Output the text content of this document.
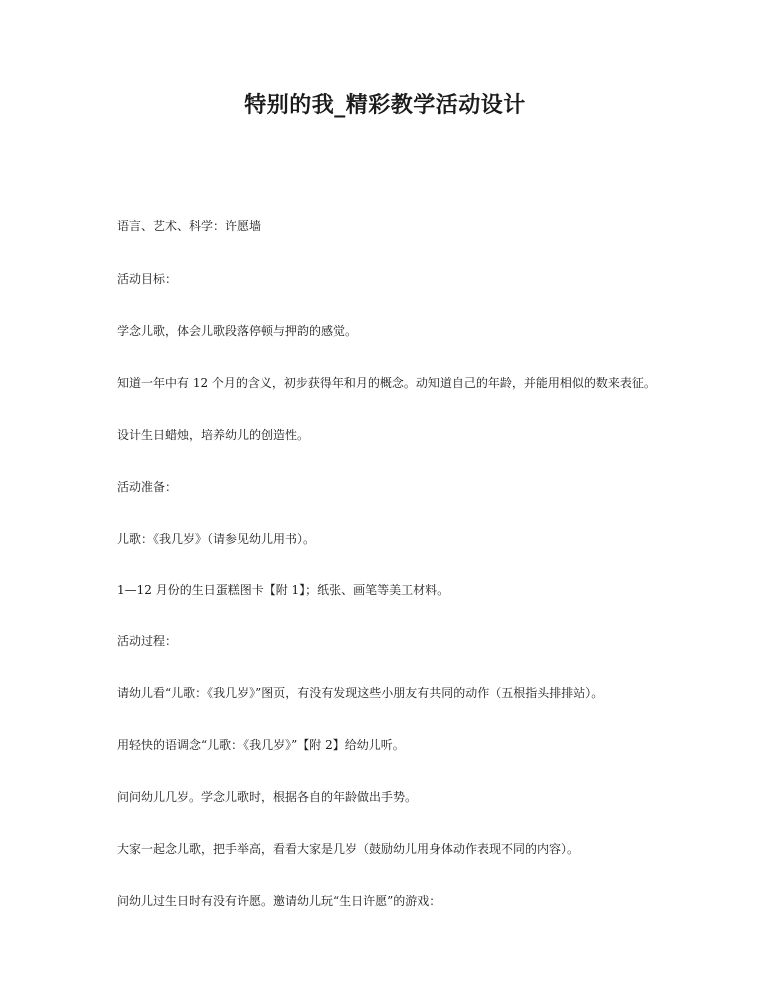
特别的我_精彩教学活动设计

语言、艺术、科学：许愿墙

活动目标：

学念儿歌，体会儿歌段落停顿与押韵的感觉。

知道一年中有 12 个月的含义，初步获得年和月的概念。动知道自己的年龄，并能用相似的数来表征。

设计生日蜡烛，培养幼儿的创造性。

活动准备：

儿歌：《我几岁》（请参见幼儿用书）。

1—12 月份的生日蛋糕图卡【附 1】；纸张、画笔等美工材料。

活动过程：

请幼儿看“儿歌：《我几岁》”图页，有没有发现这些小朋友有共同的动作（五根指头排排站）。

用轻快的语调念“儿歌：《我几岁》”【附 2】给幼儿听。

问问幼儿几岁。学念儿歌时，根据各自的年龄做出手势。

大家一起念儿歌，把手举高，看看大家是几岁（鼓励幼儿用身体动作表现不同的内容）。

问幼儿过生日时有没有许愿。邀请幼儿玩“生日许愿”的游戏：
